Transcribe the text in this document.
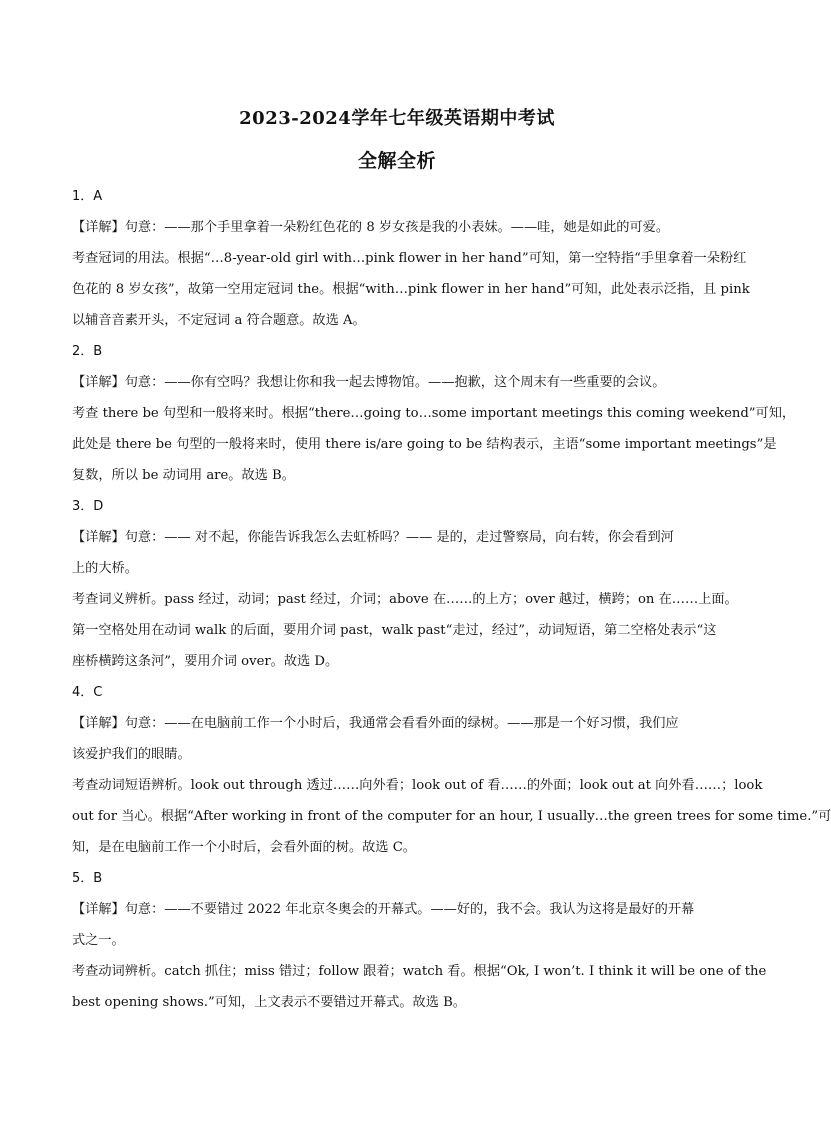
2023-2024学年七年级英语期中考试
全解全析
1．A
【详解】句意：——那个手里拿着一朵粉红色花的 8 岁女孩是我的小表妹。——哇，她是如此的可爱。
考查冠词的用法。根据“…8-year-old girl with…pink flower in her hand”可知，第一空特指“手里拿着一朵粉红
色花的 8 岁女孩”，故第一空用定冠词 the。根据“with…pink flower in her hand”可知，此处表示泛指，且 pink
以辅音音素开头，不定冠词 a 符合题意。故选 A。
2．B
【详解】句意：——你有空吗？我想让你和我一起去博物馆。——抱歉，这个周末有一些重要的会议。
考查 there be 句型和一般将来时。根据“there…going to…some important meetings this coming weekend”可知，
此处是 there be 句型的一般将来时，使用 there is/are going to be 结构表示，主语“some important meetings”是
复数，所以 be 动词用 are。故选 B。
3．D
【详解】句意：—— 对不起，你能告诉我怎么去虹桥吗？—— 是的，走过警察局，向右转，你会看到河
上的大桥。
考查词义辨析。pass 经过，动词；past 经过，介词；above 在……的上方；over 越过，横跨；on 在……上面。
第一空格处用在动词 walk 的后面，要用介词 past，walk past“走过，经过”，动词短语，第二空格处表示“这
座桥横跨这条河”，要用介词 over。故选 D。
4．C
【详解】句意：——在电脑前工作一个小时后，我通常会看看外面的绿树。——那是一个好习惯，我们应
该爱护我们的眼睛。
考查动词短语辨析。look out through 透过……向外看；look out of 看……的外面；look out at 向外看……；look
out for 当心。根据“After working in front of the computer for an hour, I usually…the green trees for some time.”可
知，是在电脑前工作一个小时后，会看外面的树。故选 C。
5．B
【详解】句意：——不要错过 2022 年北京冬奥会的开幕式。——好的，我不会。我认为这将是最好的开幕
式之一。
考查动词辨析。catch 抓住；miss 错过；follow 跟着；watch 看。根据“Ok, I won’t. I think it will be one of the
best opening shows.”可知，上文表示不要错过开幕式。故选 B。
